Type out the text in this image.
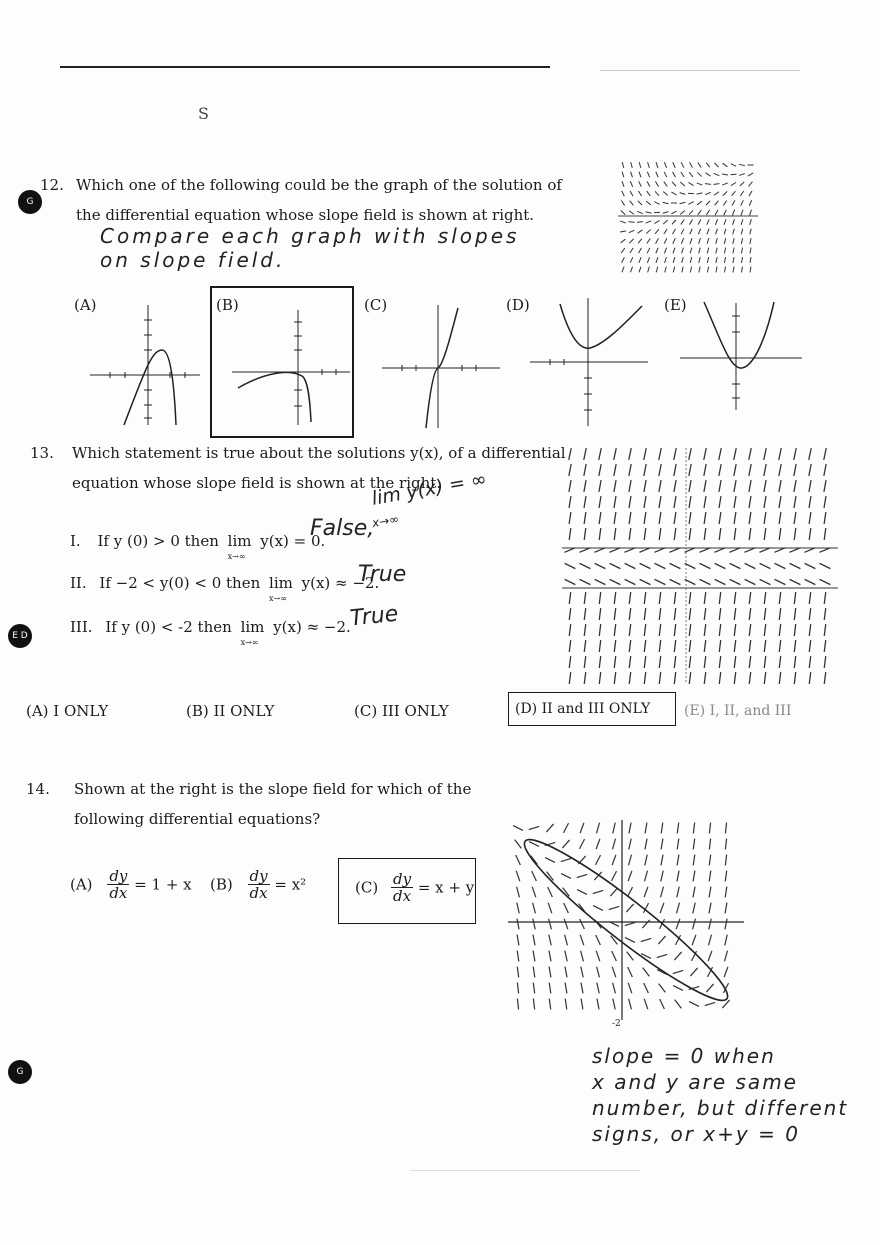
S
G
E D
G
12. Which one of the following could be the graph of the solution of
the differential equation whose slope field is shown at right.
Compare each graph with slopes
on slope field.
(A)	(B)	(C)	(D)	(E)
13. Which statement is true about the solutions y(x), of a differential
equation whose slope field is shown at the right.
I. If y (0) > 0 then lim
x→∞
y(x) = 0.
False,
lim y(x) = ∞
x→∞
II. If −2 < y(0) < 0 then lim
x→∞
y(x) ≈ −2.
True
III. If y (0) < -2 then lim
x→∞
y(x) ≈ −2.
True
(A) I ONLY	(B) II ONLY	(C) III ONLY	(D) II and III ONLY	(E) I, II, and III
14. Shown at the right is the slope field for which of the
following differential equations?
$(A) \frac{dy}{dx} = 1 + x$ $(B) \frac{dy}{dx} = x^2$	$(C) \frac{dy}{dx} = x + y$
-2
slope = 0 when
x and y are same
number, but different
signs, or x+y = 0
